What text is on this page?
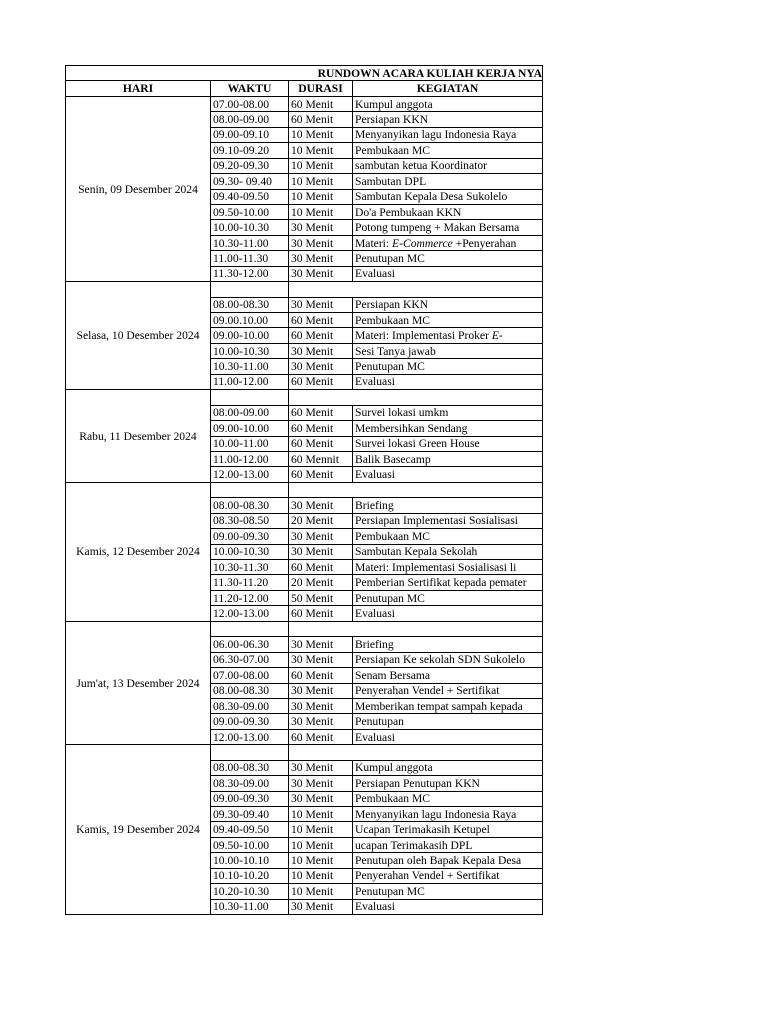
RUNDOWN ACARA KULIAH KERJA NYA			
HARI	WAKTU	DURASI	KEGIATAN
Senin, 09 Desember 2024	07.00-08.00	60 Menit	Kumpul anggota
	08.00-09.00	60 Menit	Persiapan KKN
	09.00-09.10	10 Menit	Menyanyikan lagu Indonesia Raya
	09.10-09.20	10 Menit	Pembukaan MC
	09.20-09.30	10 Menit	sambutan ketua Koordinator
	09.30- 09.40	10 Menit	Sambutan DPL
	09.40-09.50	10 Menit	Sambutan Kepala Desa Sukolelo
	09.50-10.00	10 Menit	Do'a Pembukaan KKN
	10.00-10.30	30 Menit	Potong tumpeng + Makan Bersama
	10.30-11.00	30 Menit	Materi: E-Commerce +Penyerahan
	11.00-11.30	30 Menit	Penutupan MC
	11.30-12.00	30 Menit	Evaluasi
Selasa, 10 Desember 2024			
	08.00-08.30	30 Menit	Persiapan KKN
	09.00.10.00	60 Menit	Pembukaan MC
	09.00-10.00	60 Menit	Materi: Implementasi Proker E-
	10.00-10.30	30 Menit	Sesi Tanya jawab
	10.30-11.00	30 Menit	Penutupan MC
	11.00-12.00	60 Menit	Evaluasi
Rabu, 11 Desember 2024			
	08.00-09.00	60 Menit	Survei lokasi umkm
	09.00-10.00	60 Menit	Membersihkan Sendang
	10.00-11.00	60 Menit	Survei lokasi Green House
	11.00-12.00	60 Mennit	Balik Basecamp
	12.00-13.00	60 Menit	Evaluasi
Kamis, 12 Desember 2024			
	08.00-08.30	30 Menit	Briefing
	08.30-08.50	20 Menit	Persiapan Implementasi Sosialisasi
	09.00-09.30	30 Menit	Pembukaan MC
	10.00-10.30	30 Menit	Sambutan Kepala Sekolah
	10.30-11.30	60 Menit	Materi: Implementasi Sosialisasi li
	11.30-11.20	20 Menit	Pemberian Sertifikat kepada pemater
	11.20-12.00	50 Menit	Penutupan MC
	12.00-13.00	60 Menit	Evaluasi
Jum'at, 13 Desember 2024			
	06.00-06.30	30 Menit	Briefing
	06.30-07.00	30 Menit	Persiapan Ke sekolah SDN Sukolelo
	07.00-08.00	60 Menit	Senam Bersama
	08.00-08.30	30 Menit	Penyerahan Vendel + Sertifikat
	08.30-09.00	30 Menit	Memberikan tempat sampah kepada
	09.00-09.30	30 Menit	Penutupan
	12.00-13.00	60 Menit	Evaluasi
Kamis, 19 Desember 2024			
	08.00-08.30	30 Menit	Kumpul anggota
	08.30-09.00	30 Menit	Persiapan Penutupan KKN
	09.00-09.30	30 Menit	Pembukaan MC
	09.30-09.40	10 Menit	Menyanyikan lagu Indonesia Raya
	09.40-09.50	10 Menit	Ucapan Terimakasih Ketupel
	09.50-10.00	10 Menit	ucapan Terimakasih DPL
	10.00-10.10	10 Menit	Penutupan oleh Bapak Kepala Desa
	10.10-10.20	10 Menit	Penyerahan Vendel + Sertifikat
	10.20-10.30	10 Menit	Penutupan MC
	10.30-11.00	30 Menit	Evaluasi
